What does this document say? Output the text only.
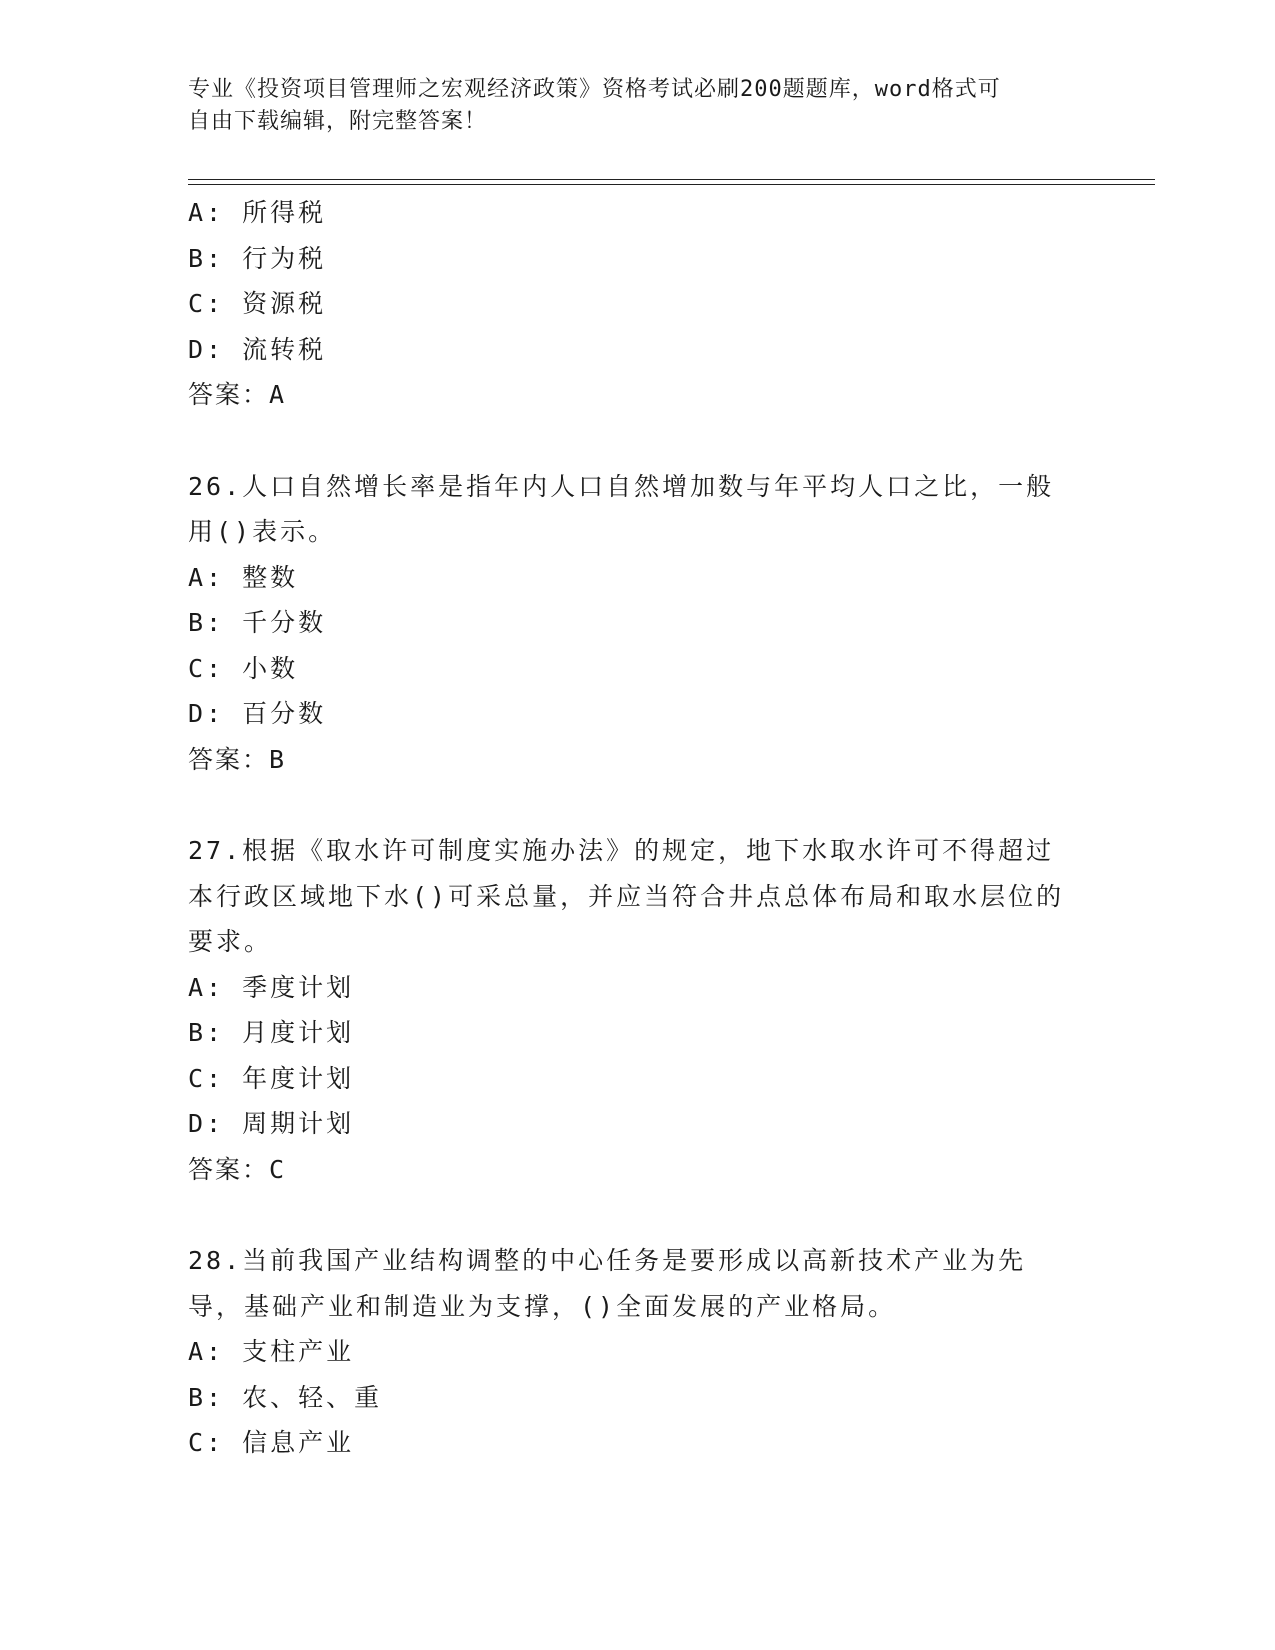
专业《投资项目管理师之宏观经济政策》资格考试必刷200题题库，word格式可
自由下载编辑，附完整答案！
A: 所得税
B: 行为税
C: 资源税
D: 流转税
答案：A
26.人口自然增长率是指年内人口自然增加数与年平均人口之比，一般用()表示。
A: 整数
B: 千分数
C: 小数
D: 百分数
答案：B
27.根据《取水许可制度实施办法》的规定，地下水取水许可不得超过本行政区域地下水()可采总量，并应当符合井点总体布局和取水层位的要求。
A: 季度计划
B: 月度计划
C: 年度计划
D: 周期计划
答案：C
28.当前我国产业结构调整的中心任务是要形成以高新技术产业为先导，基础产业和制造业为支撑，()全面发展的产业格局。
A: 支柱产业
B: 农、轻、重
C: 信息产业
